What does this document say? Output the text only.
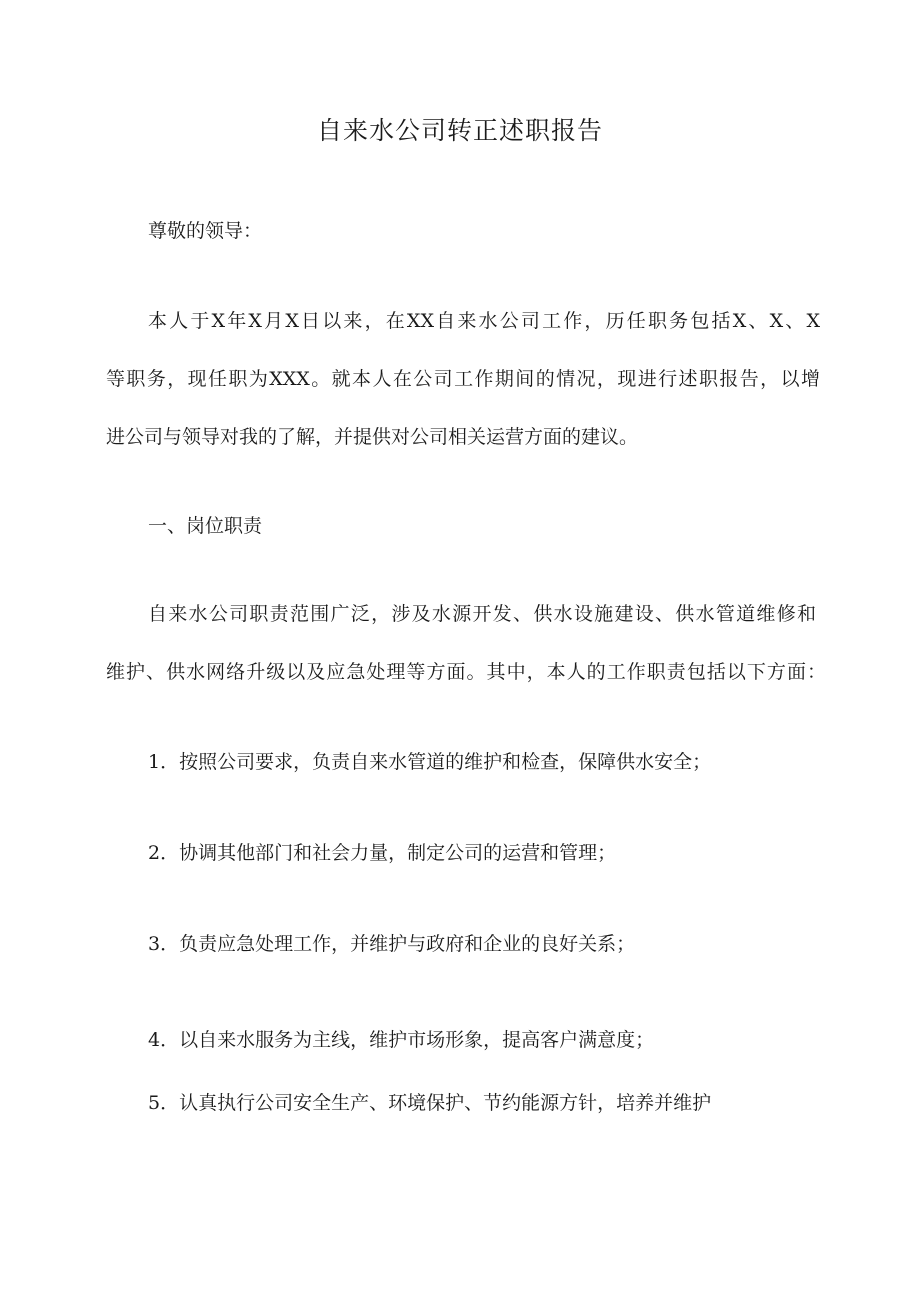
自来水公司转正述职报告

尊敬的领导：

本人于X年X月X日以来，在XX自来水公司工作，历任职务包括X、X、X

等职务，现任职为XXX。就本人在公司工作期间的情况，现进行述职报告，以增

进公司与领导对我的了解，并提供对公司相关运营方面的建议。

一、岗位职责

自来水公司职责范围广泛，涉及水源开发、供水设施建设、供水管道维修和

维护、供水网络升级以及应急处理等方面。其中，本人的工作职责包括以下方面：

1．按照公司要求，负责自来水管道的维护和检查，保障供水安全；

2．协调其他部门和社会力量，制定公司的运营和管理；

3．负责应急处理工作，并维护与政府和企业的良好关系；

4．以自来水服务为主线，维护市场形象，提高客户满意度；

5．认真执行公司安全生产、环境保护、节约能源方针，培养并维护
